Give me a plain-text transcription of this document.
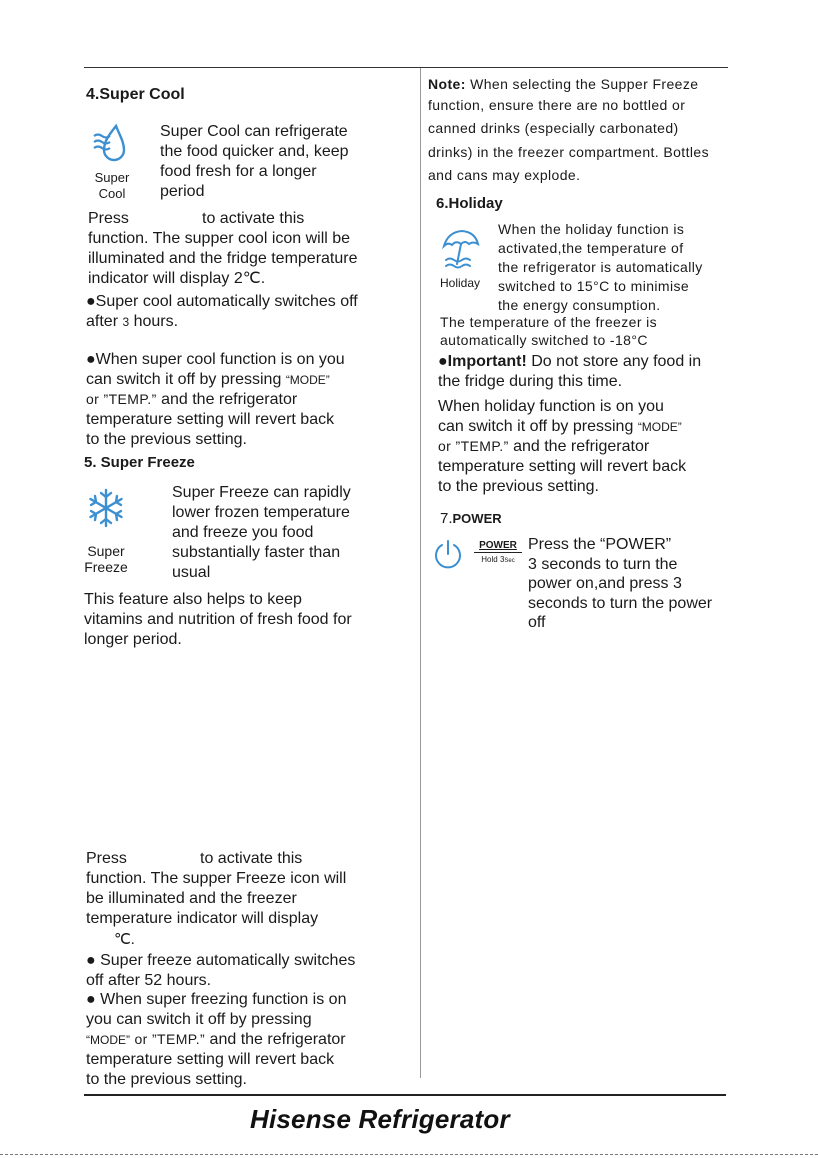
4.Super Cool
Super
Cool
Super Cool can refrigerate
the food quicker and, keep
food fresh for a longer
period
Press	to activate this
function. The supper cool icon will be
illuminated and the fridge temperature
indicator will display 2℃.
●Super cool automatically switches off
after 3 hours.
●When super cool function is on you
can switch it off by pressing “MODE”
or ”TEMP.” and the refrigerator
temperature setting will revert back
to the previous setting.
5. Super Freeze
Super
Freeze
Super Freeze can rapidly
lower frozen temperature
and freeze you food
substantially faster than
usual
This feature also helps to keep
vitamins and nutrition of fresh food for
longer period.
Press	to activate this
function. The supper Freeze icon will
be illuminated and the freezer
temperature indicator will display
℃.
● Super freeze automatically switches
off after 52 hours.
● When super freezing function is on
you can switch it off by pressing
“MODE” or ”TEMP.” and the refrigerator
temperature setting will revert back
to the previous setting.
Note: When selecting the Supper Freeze
function, ensure there are no bottled or
canned drinks (especially carbonated)
drinks) in the freezer compartment. Bottles
and cans may explode.
6.Holiday
Holiday
When the holiday function is
activated,the temperature of
the refrigerator is automatically
switched to 15°C to minimise
the energy consumption.
The temperature of the freezer is
automatically switched to -18°C
●Important! Do not store any food in
the fridge during this time.
When holiday function is on you
can switch it off by pressing “MODE”
or ”TEMP.” and the refrigerator
temperature setting will revert back
to the previous setting.
7.POWER
POWER
Hold 3Sec
Press the “POWER”
3 seconds to turn the
power on,and press 3
seconds to turn the power
off
Hisense Refrigerator
